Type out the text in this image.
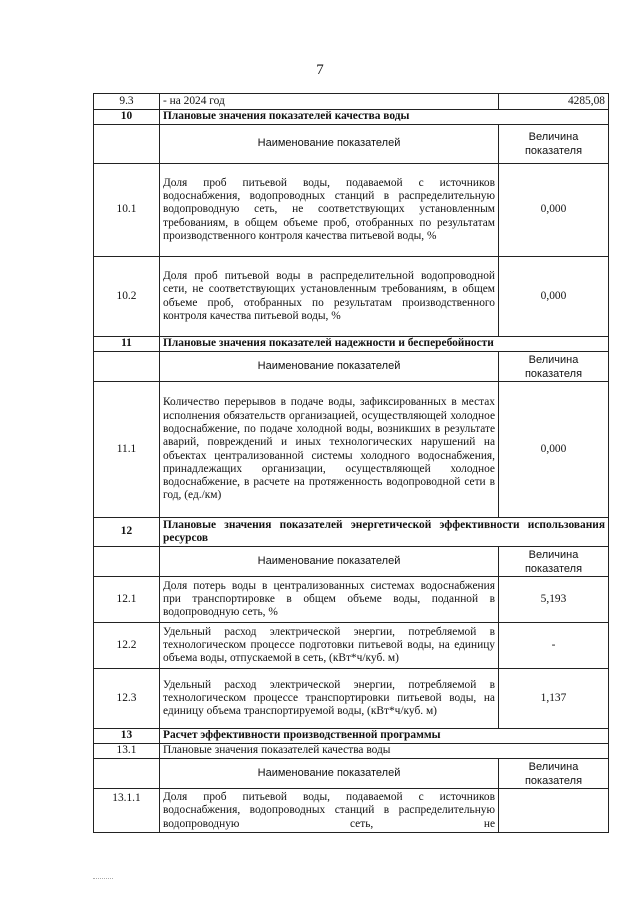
7
9.3	- на 2024 год	4285,08
10	Плановые значения показателей качества воды	
	Наименование показателей	Величина показателя
10.1	Доля проб питьевой воды, подаваемой с источников водоснабжения, водопроводных станций в распределительную водопроводную сеть, не соответствующих установленным требованиям, в общем объеме проб, отобранных по результатам производственного контроля качества питьевой воды, %	0,000
10.2	Доля проб питьевой воды в распределительной водопроводной сети, не соответствующих установленным требованиям, в общем объеме проб, отобранных по результатам производственного контроля качества питьевой воды, %	0,000
11	Плановые значения показателей надежности и бесперебойности	
	Наименование показателей	Величина показателя
11.1	Количество перерывов в подаче воды, зафиксированных в местах исполнения обязательств организацией, осуществляющей холодное водоснабжение, по подаче холодной воды, возникших в результате аварий, повреждений и иных технологических нарушений на объектах централизованной системы холодного водоснабжения, принадлежащих организации, осуществляющей холодное водоснабжение, в расчете на протяженность водопроводной сети в год, (ед./км)	0,000
12	Плановые значения показателей энергетической эффективности использования ресурсов	
	Наименование показателей	Величина показателя
12.1	Доля потерь воды в централизованных системах водоснабжения при транспортировке в общем объеме воды, поданной в водопроводную сеть, %	5,193
12.2	Удельный расход электрической энергии, потребляемой в технологическом процессе подготовки питьевой воды, на единицу объема воды, отпускаемой в сеть, (кВт*ч/куб. м)	-
12.3	Удельный расход электрической энергии, потребляемой в технологическом процессе транспортировки питьевой воды, на единицу объема транспортируемой воды, (кВт*ч/куб. м)	1,137
13	Расчет эффективности производственной программы	
13.1	Плановые значения показателей качества воды	
	Наименование показателей	Величина показателя
13.1.1	Доля проб питьевой воды, подаваемой с источников водоснабжения, водопроводных станций в распределительную водопроводную сеть, не	
